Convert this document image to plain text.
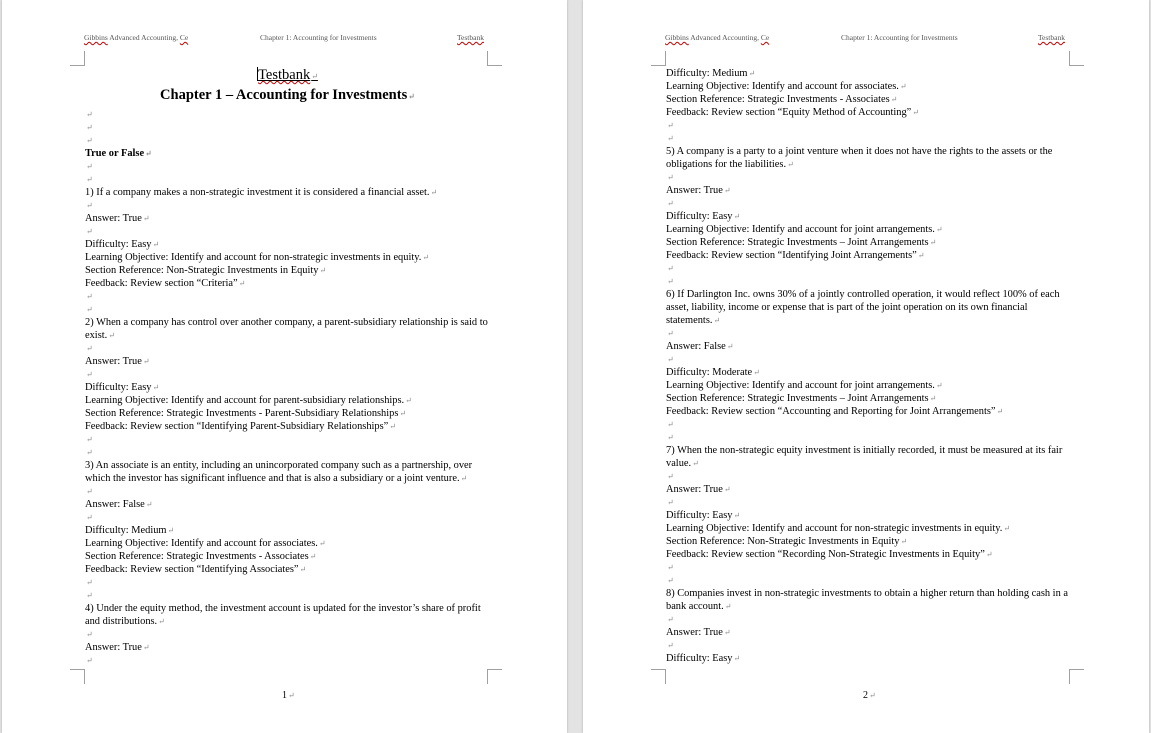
Gibbins Advanced Accounting, Ce	Chapter 1: Accounting for Investments	Testbank
Testbank↵
Chapter 1 – Accounting for Investments↵
↵
↵
↵
True or False↵
↵
↵
1) If a company makes a non-strategic investment it is considered a financial asset.↵
↵
Answer: True↵
↵
Difficulty: Easy↵
Learning Objective: Identify and account for non-strategic investments in equity.↵
Section Reference: Non-Strategic Investments in Equity↵
Feedback: Review section “Criteria”↵
↵
↵
2) When a company has control over another company, a parent-subsidiary relationship is said to exist.↵
↵
Answer: True↵
↵
Difficulty: Easy↵
Learning Objective: Identify and account for parent-subsidiary relationships.↵
Section Reference: Strategic Investments - Parent-Subsidiary Relationships↵
Feedback: Review section “Identifying Parent-Subsidiary Relationships”↵
↵
↵
3) An associate is an entity, including an unincorporated company such as a partnership, over which the investor has significant influence and that is also a subsidiary or a joint venture.↵
↵
Answer: False↵
↵
Difficulty: Medium↵
Learning Objective: Identify and account for associates.↵
Section Reference: Strategic Investments - Associates↵
Feedback: Review section “Identifying Associates”↵
↵
↵
4) Under the equity method, the investment account is updated for the investor’s share of profit and distributions.↵
↵
Answer: True↵
↵
1↵
Gibbins Advanced Accounting, Ce	Chapter 1: Accounting for Investments	Testbank
Difficulty: Medium↵
Learning Objective: Identify and account for associates.↵
Section Reference: Strategic Investments - Associates↵
Feedback: Review section “Equity Method of Accounting”↵
↵
↵
5) A company is a party to a joint venture when it does not have the rights to the assets or the obligations for the liabilities.↵
↵
Answer: True↵
↵
Difficulty: Easy↵
Learning Objective: Identify and account for joint arrangements.↵
Section Reference: Strategic Investments – Joint Arrangements↵
Feedback: Review section “Identifying Joint Arrangements”↵
↵
↵
6) If Darlington Inc. owns 30% of a jointly controlled operation, it would reflect 100% of each asset, liability, income or expense that is part of the joint operation on its own financial statements.↵
↵
Answer: False↵
↵
Difficulty: Moderate↵
Learning Objective: Identify and account for joint arrangements.↵
Section Reference: Strategic Investments – Joint Arrangements↵
Feedback: Review section “Accounting and Reporting for Joint Arrangements”↵
↵
↵
7) When the non-strategic equity investment is initially recorded, it must be measured at its fair value.↵
↵
Answer: True↵
↵
Difficulty: Easy↵
Learning Objective: Identify and account for non-strategic investments in equity.↵
Section Reference: Non-Strategic Investments in Equity↵
Feedback: Review section “Recording Non-Strategic Investments in Equity”↵
↵
↵
8) Companies invest in non-strategic investments to obtain a higher return than holding cash in a bank account.↵
↵
Answer: True↵
↵
Difficulty: Easy↵
2↵
